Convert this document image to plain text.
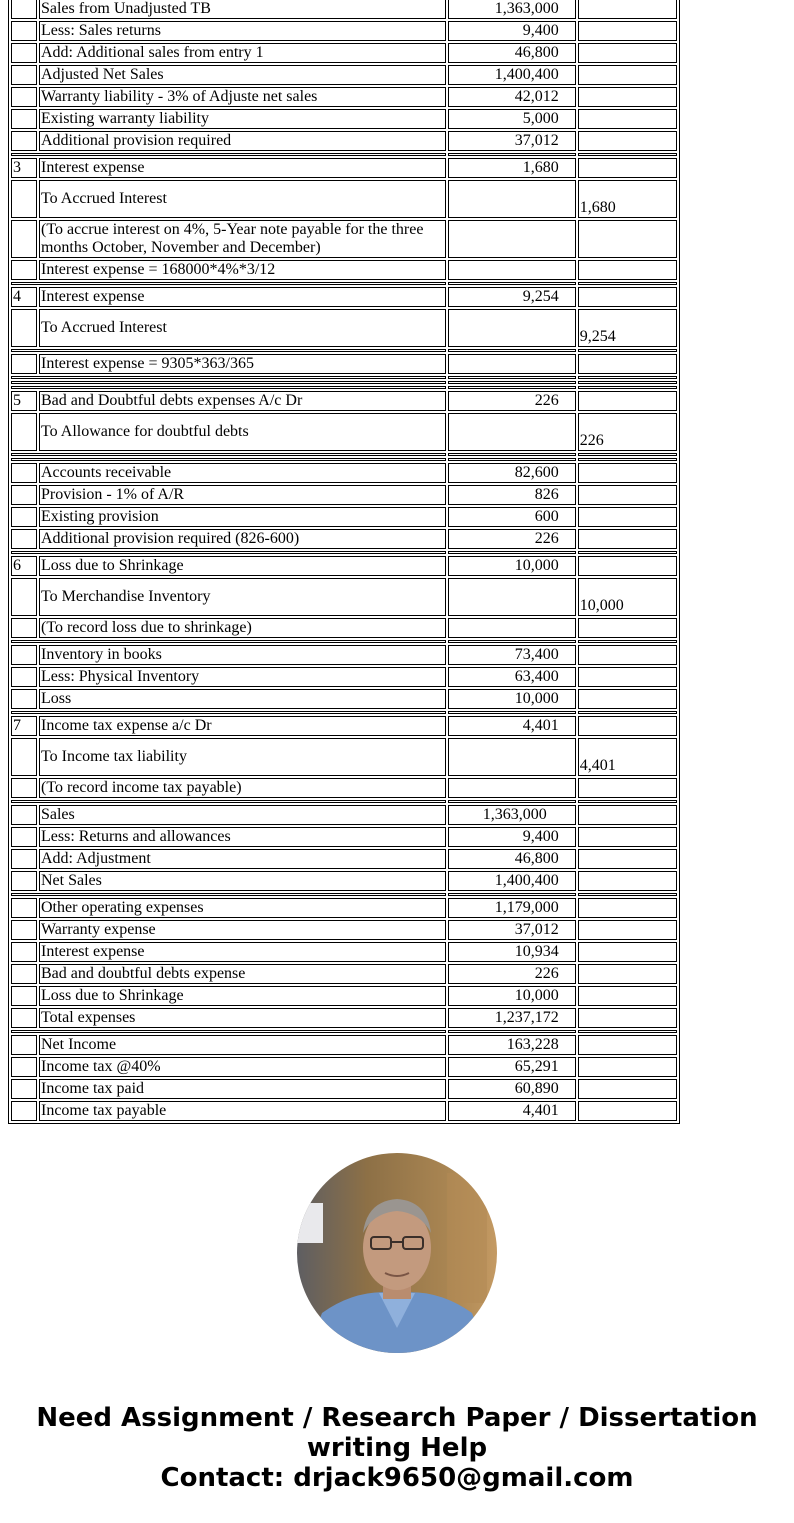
	Sales from Unadjusted TB	1,363,000	
	Less: Sales returns	9,400	
	Add: Additional sales from entry 1	46,800	
	Adjusted Net Sales	1,400,400	
	Warranty liability - 3% of Adjuste net sales	42,012	
	Existing warranty liability	5,000	
	Additional provision required	37,012	

3	Interest expense	1,680	
	To Accrued Interest		1,680
	(To accrue interest on 4%, 5-Year note payable for the three months October, November and December)		
	Interest expense = 168000*4%*3/12		

4	Interest expense	9,254	
	To Accrued Interest		9,254

	Interest expense = 9305*363/365		

5	Bad and Doubtful debts expenses A/c Dr	226	
	To Allowance for doubtful debts		226

	Accounts receivable	82,600	
	Provision - 1% of A/R	826	
	Existing provision	600	
	Additional provision required (826-600)	226	

6	Loss due to Shrinkage	10,000	
	To Merchandise Inventory		10,000
	(To record loss due to shrinkage)		

	Inventory in books	73,400	
	Less: Physical Inventory	63,400	
	Loss	10,000	

7	Income tax expense a/c Dr	4,401	
	To Income tax liability		4,401
	(To record income tax payable)		

	Sales	1,363,000	
	Less: Returns and allowances	9,400	
	Add: Adjustment	46,800	
	Net Sales	1,400,400	

	Other operating expenses	1,179,000	
	Warranty expense	37,012	
	Interest expense	10,934	
	Bad and doubtful debts expense	226	
	Loss due to Shrinkage	10,000	
	Total expenses	1,237,172	

	Net Income	163,228	
	Income tax @40%	65,291	
	Income tax paid	60,890	
	Income tax payable	4,401	
Need Assignment / Research Paper / Dissertation
writing Help
Contact: drjack9650@gmail.com
